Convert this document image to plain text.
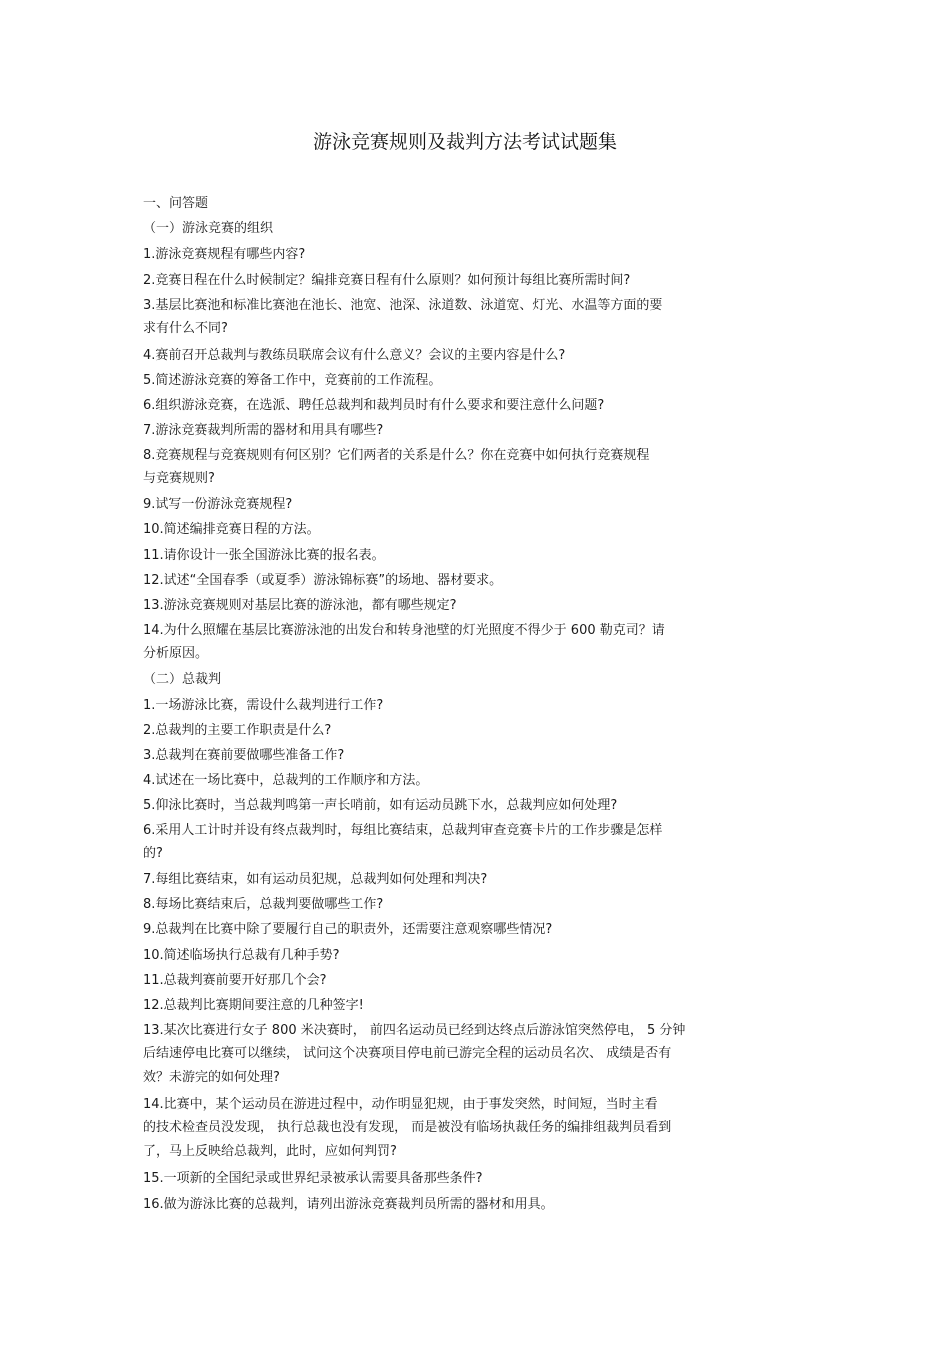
游泳竞赛规则及裁判方法考试试题集
一、问答题
（一）游泳竞赛的组织
1.游泳竞赛规程有哪些内容?
2.竞赛日程在什么时候制定？编排竞赛日程有什么原则？如何预计每组比赛所需时间?
3.基层比赛池和标准比赛池在池长、池宽、池深、泳道数、泳道宽、灯光、水温等方面的要
求有什么不同?
4.赛前召开总裁判与教练员联席会议有什么意义？会议的主要内容是什么?
5.简述游泳竞赛的筹备工作中，竞赛前的工作流程。
6.组织游泳竞赛，在选派、聘任总裁判和裁判员时有什么要求和要注意什么问题?
7.游泳竞赛裁判所需的器材和用具有哪些?
8.竞赛规程与竞赛规则有何区别？它们两者的关系是什么？你在竞赛中如何执行竞赛规程
与竞赛规则?
9.试写一份游泳竞赛规程?
10.简述编排竞赛日程的方法。
11.请你设计一张全国游泳比赛的报名表。
12.试述“全国春季（或夏季）游泳锦标赛”的场地、器材要求。
13.游泳竞赛规则对基层比赛的游泳池，都有哪些规定?
14.为什么照耀在基层比赛游泳池的出发台和转身池壁的灯光照度不得少于 600 勒克司？请
分析原因。
（二）总裁判
1.一场游泳比赛，需设什么裁判进行工作?
2.总裁判的主要工作职责是什么?
3.总裁判在赛前要做哪些准备工作?
4.试述在一场比赛中，总裁判的工作顺序和方法。
5.仰泳比赛时，当总裁判鸣第一声长哨前，如有运动员跳下水，总裁判应如何处理?
6.采用人工计时并设有终点裁判时，每组比赛结束，总裁判审查竞赛卡片的工作步骤是怎样
的?
7.每组比赛结束，如有运动员犯规，总裁判如何处理和判决?
8.每场比赛结束后，总裁判要做哪些工作?
9.总裁判在比赛中除了要履行自己的职责外，还需要注意观察哪些情况?
10.简述临场执行总裁有几种手势?
11.总裁判赛前要开好那几个会?
12.总裁判比赛期间要注意的几种签字!
13.某次比赛进行女子 800 米决赛时， 前四名运动员已经到达终点后游泳馆突然停电， 5 分钟
后结速停电比赛可以继续， 试问这个决赛项目停电前已游完全程的运动员名次、 成绩是否有
效？未游完的如何处理?
14.比赛中，某个运动员在游进过程中，动作明显犯规，由于事发突然，时间短，当时主看
的技术检查员没发现， 执行总裁也没有发现， 而是被没有临场执裁任务的编排组裁判员看到
了，马上反映给总裁判，此时，应如何判罚?
15.一项新的全国纪录或世界纪录被承认需要具备那些条件?
16.做为游泳比赛的总裁判，请列出游泳竞赛裁判员所需的器材和用具。
